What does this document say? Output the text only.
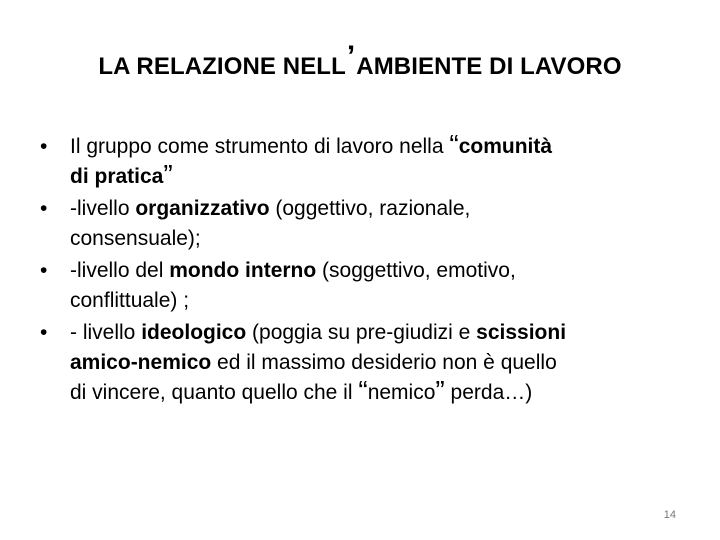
LA RELAZIONE NELL’AMBIENTE DI LAVORO
• Il gruppo come strumento di lavoro nella “comunità
di pratica”
• -livello organizzativo (oggettivo, razionale,
consensuale);
• -livello del mondo interno (soggettivo, emotivo,
conflittuale) ;
• - livello ideologico (poggia su pre-giudizi e scissioni
amico-nemico ed il massimo desiderio non è quello
di vincere, quanto quello che il “nemico” perda…)
14
